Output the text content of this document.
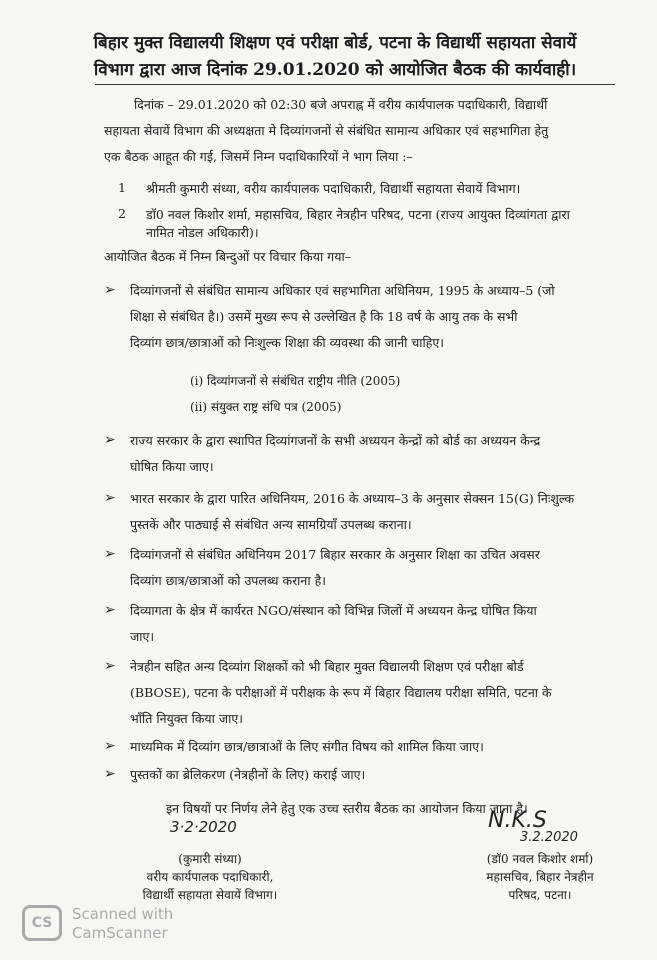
बिहार मुक्त विद्यालयी शिक्षण एवं परीक्षा बोर्ड, पटना के विद्यार्थी सहायता सेवायें
विभाग द्वारा आज दिनांक 29.01.2020 को आयोजित बैठक की कार्यवाही।
दिनांक – 29.01.2020 को 02:30 बजे अपराह्न में वरीय कार्यपालक पदाधिकारी, विद्यार्थी
सहायता सेवायें विभाग की अध्यक्षता मे दिव्यांगजनों से संबंधित सामान्य अधिकार एवं सहभागिता हेतु
एक बैठक आहूत की गई, जिसमें निम्न पदाधिकारियों ने भाग लिया :–
1 श्रीमती कुमारी संध्या, वरीय कार्यपालक पदाधिकारी, विद्यार्थी सहायता सेवायें विभाग।
2 डॉ0 नवल किशोर शर्मा, महासचिव, बिहार नेत्रहीन परिषद, पटना (राज्य आयुक्त दिव्यांगता द्वारा
नामित नोडल अधिकारी)।
आयोजित बैठक में निम्न बिन्दुओं पर विचार किया गया–
➢ दिव्यांगजनों से संबंधित सामान्य अधिकार एवं सहभागिता अधिनियम, 1995 के अध्याय–5 (जो
शिक्षा से संबंधित है।) उसमें मुख्य रूप से उल्लेखित है कि 18 वर्ष के आयु तक के सभी
दिव्यांग छात्र/छात्राओं को निःशुल्क शिक्षा की व्यवस्था की जानी चाहिए।
(i) दिव्यांगजनों से संबंधित राष्ट्रीय नीति (2005)
(ii) संयुक्त राष्ट्र संधि पत्र (2005)
➢ राज्य सरकार के द्वारा स्थापित दिव्यांगजनों के सभी अध्ययन केन्द्रों को बोर्ड का अध्ययन केन्द्र
घोषित किया जाए।
➢ भारत सरकार के द्वारा पारित अधिनियम, 2016 के अध्याय–3 के अनुसार सेक्सन 15(G) निःशुल्क
पुस्तकें और पाठ्याई से संबंधित अन्य सामग्रियाँ उपलब्ध कराना।
➢ दिव्यांगजनों से संबंधित अधिनियम 2017 बिहार सरकार के अनुसार शिक्षा का उचित अवसर
दिव्यांग छात्र/छात्राओं को उपलब्ध कराना है।
➢ दिव्यागता के क्षेत्र में कार्यरत NGO/संस्थान को विभिन्न जिलों में अध्ययन केन्द्र घोषित किया
जाए।
➢ नेत्रहीन सहित अन्य दिव्यांग शिक्षकों को भी बिहार मुक्त विद्यालयी शिक्षण एवं परीक्षा बोर्ड
(BBOSE), पटना के परीक्षाओं में परीक्षक के रूप में बिहार विद्यालय परीक्षा समिति, पटना के
भाँति नियुक्त किया जाए।
➢ माध्यमिक में दिव्यांग छात्र/छात्राओं के लिए संगीत विषय को शामिल किया जाए।
➢ पुस्तकों का ब्रेलिकरण (नेत्रहीनों के लिए) कराई जाए।
इन विषयों पर निर्णय लेने हेतु एक उच्च स्तरीय बैठक का आयोजन किया जाना है।
3·2·2020
(कुमारी संध्या)
वरीय कार्यपालक पदाधिकारी,
विद्यार्थी सहायता सेवायें विभाग।
N.K.S
3.2.2020
(डॉ0 नवल किशोर शर्मा)
महासचिव, बिहार नेत्रहीन
परिषद, पटना।
CS	Scanned with
CamScanner
